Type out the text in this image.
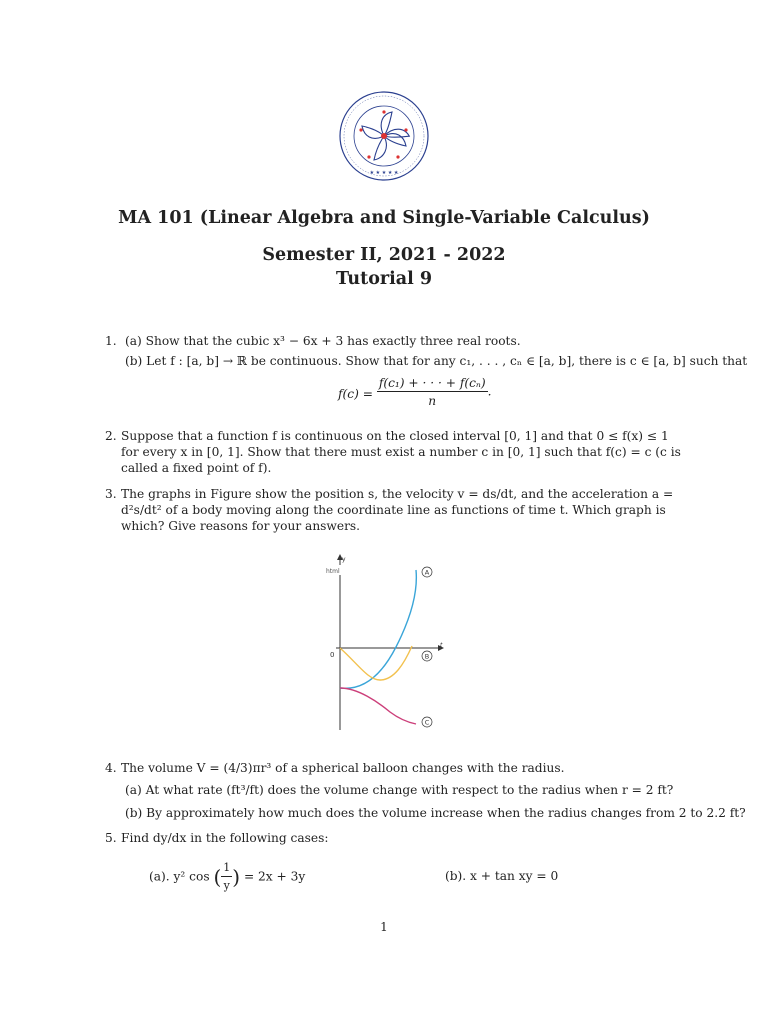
★ ★ ★ ★ ★
MA 101 (Linear Algebra and Single-Variable Calculus)
Semester II, 2021 - 2022
Tutorial 9
1. (a) Show that the cubic x³ − 6x + 3 has exactly three real roots.
(b) Let f : [a, b] → ℝ be continuous. Show that for any c₁, . . . , cₙ ∈ [a, b], there is c ∈ [a, b] such that
$f(c) = \frac{\text{f(c₁) + · · · + f(cₙ)}}{n}$ .
2. Suppose that a function f is continuous on the closed interval [0, 1] and that 0 ≤ f(x) ≤ 1 for every x in [0, 1]. Show that there must exist a number c in [0, 1] such that f(c) = c (c is called a fixed point of f).
3. The graphs in Figure show the position s, the velocity v = ds/dt, and the acceleration a = d²s/dt² of a body moving along the coordinate line as functions of time t. Which graph is which? Give reasons for your answers.
y
t
0
html	A
B
C
4. The volume V = (4/3)πr³ of a spherical balloon changes with the radius.
(a) At what rate (ft³/ft) does the volume change with respect to the radius when r = 2 ft?
(b) By approximately how much does the volume increase when the radius changes from 2 to 2.2 ft?
5. Find dy/dx in the following cases:
(a). y² cos ( $\frac{1}{y}$ ) = 2x + 3y	(b). x + tan xy = 0
1
